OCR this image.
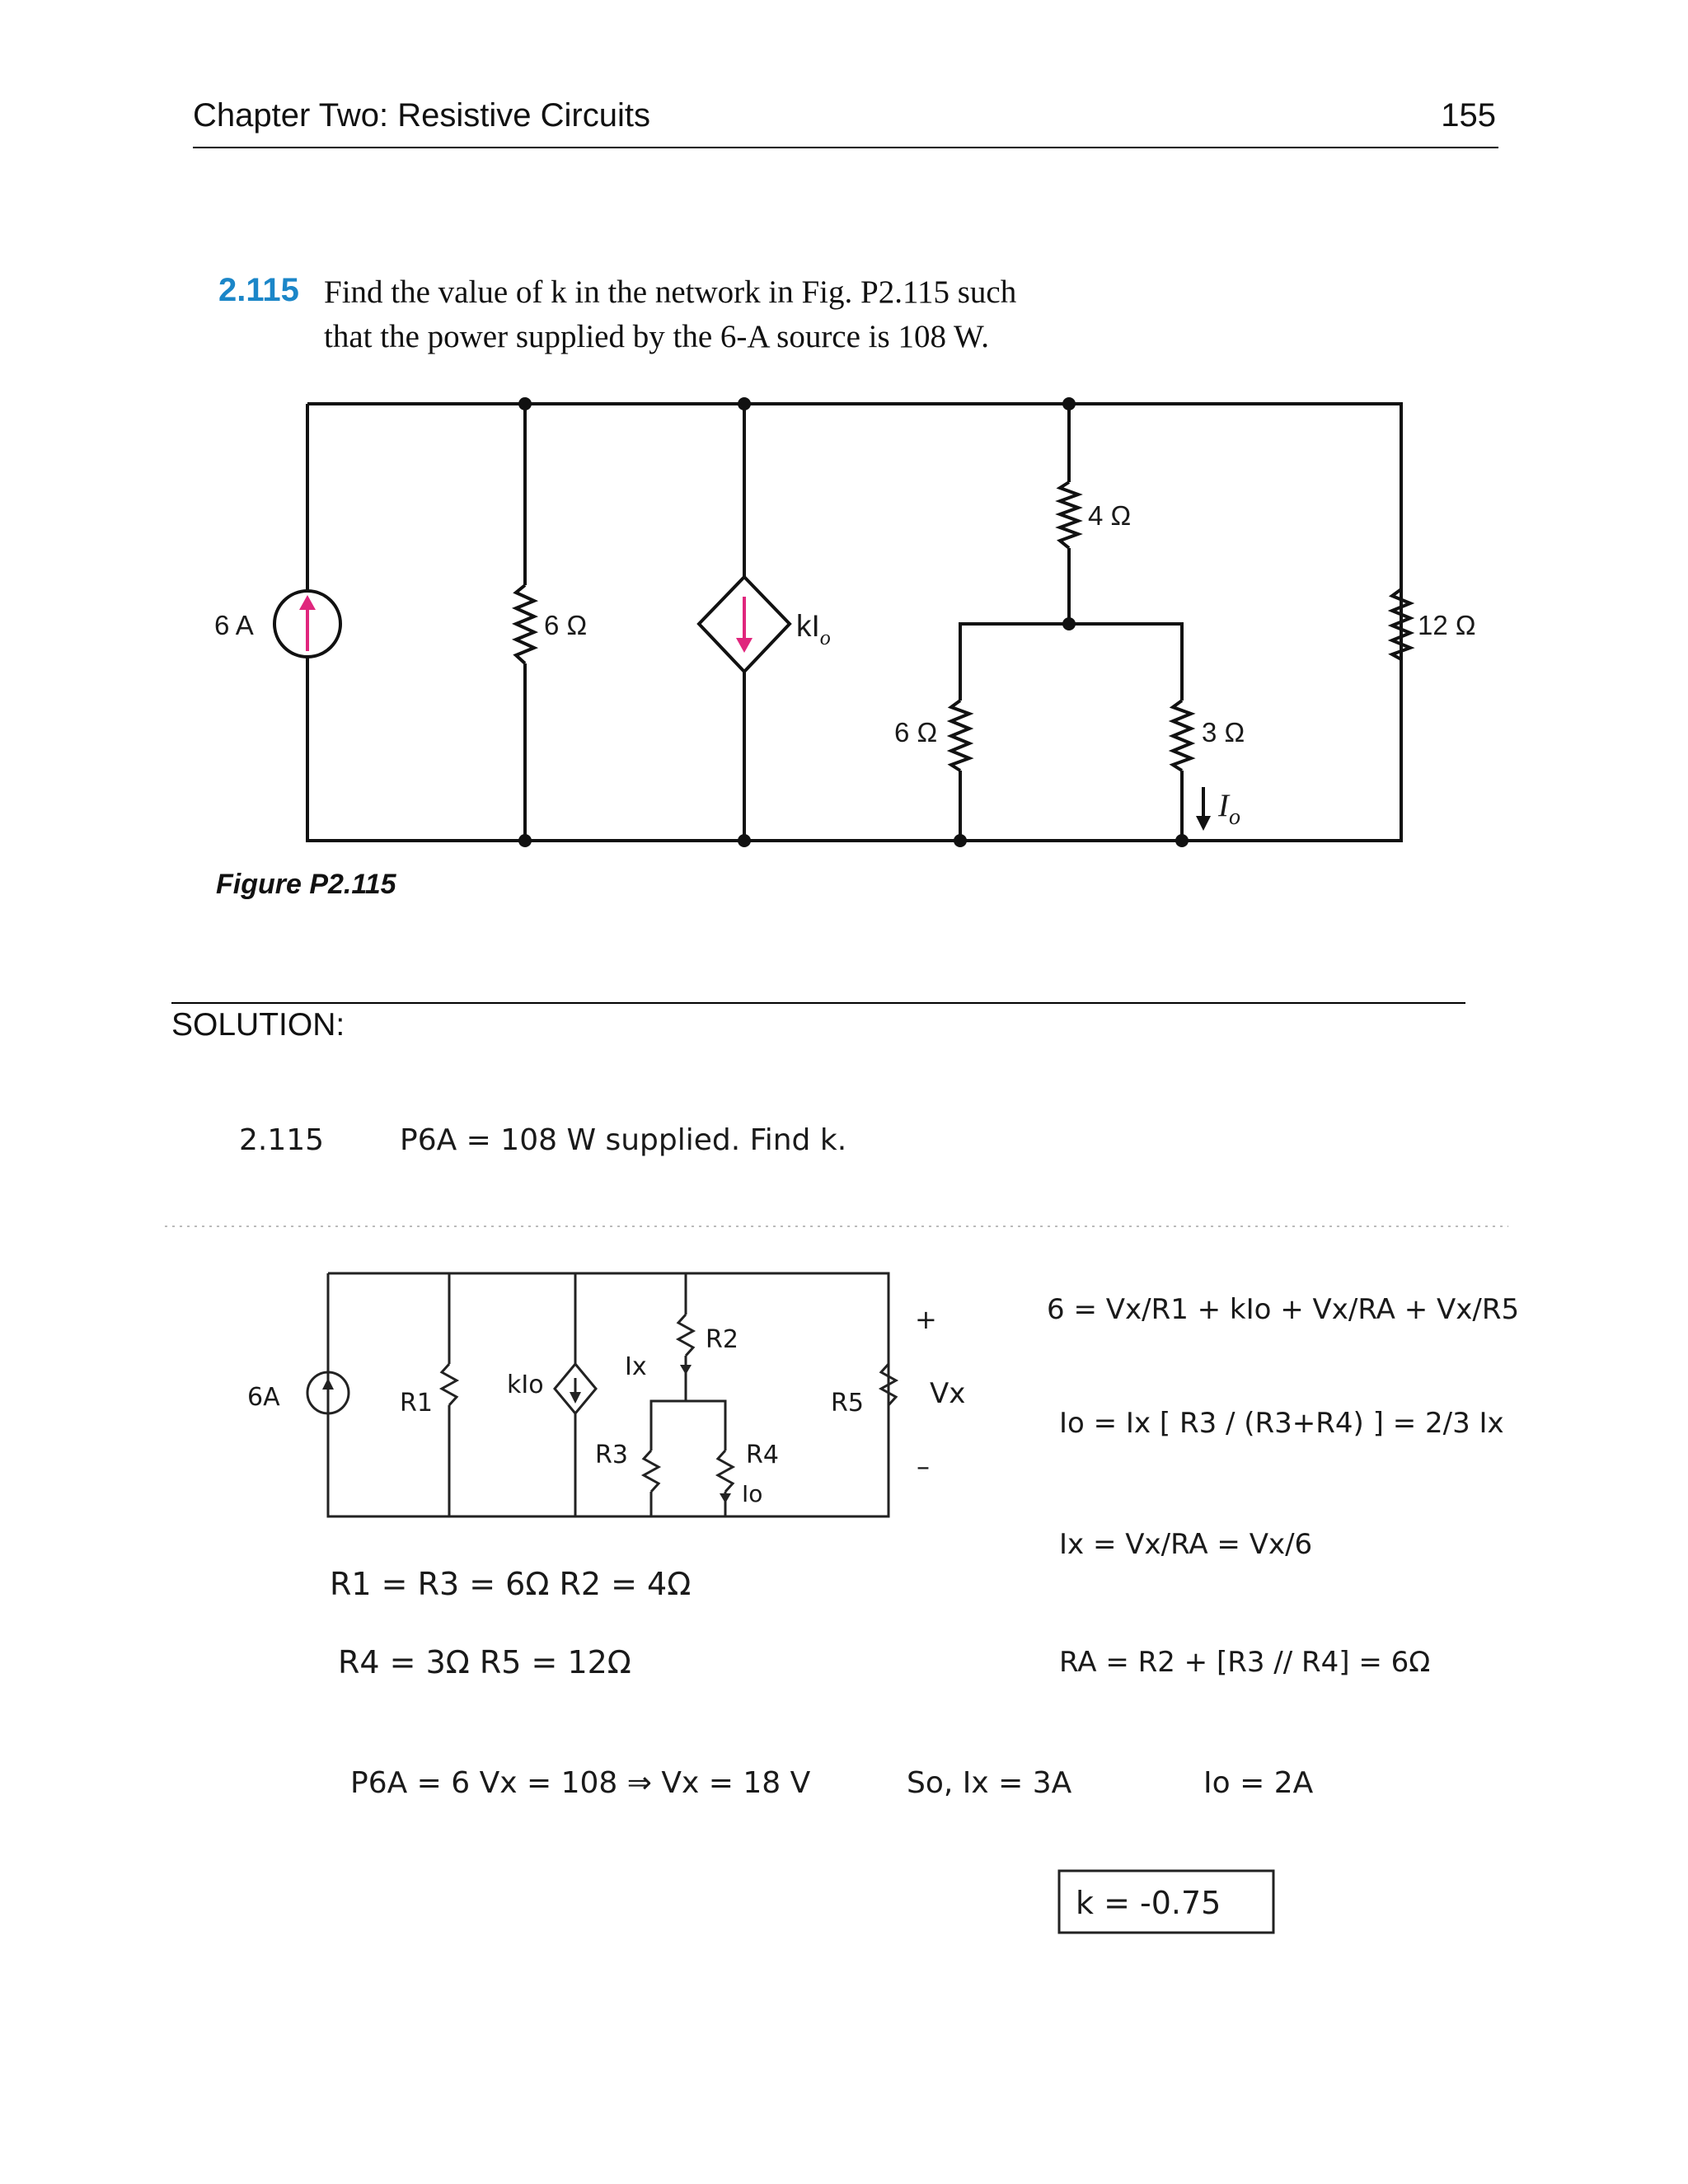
Chapter Two: Resistive Circuits	155
2.115 Find the value of k in the network in Fig. P2.115 such
that the power supplied by the 6-A source is 108 W.
6 A	6 Ω	$kI_o$
4 Ω
6 Ω	3 Ω
12 Ω
$I_o$
Figure P2.115
SOLUTION:
2.115	P6A = 108 W supplied. Find k.
6A	R1
kIo
Ix
R2
R3	R4
Io
R5
+
Vx
–
R1 = R3 = 6Ω R2 = 4Ω
R4 = 3Ω R5 = 12Ω
6 = Vx/R1 + kIo + Vx/RA + Vx/R5
Io = Ix [ R3 / (R3+R4) ] = 2/3 Ix
Ix = Vx/RA = Vx/6
RA = R2 + [R3 // R4] = 6Ω
P6A = 6 Vx = 108 ⇒ Vx = 18 V	So, Ix = 3A	Io = 2A
k = -0.75
